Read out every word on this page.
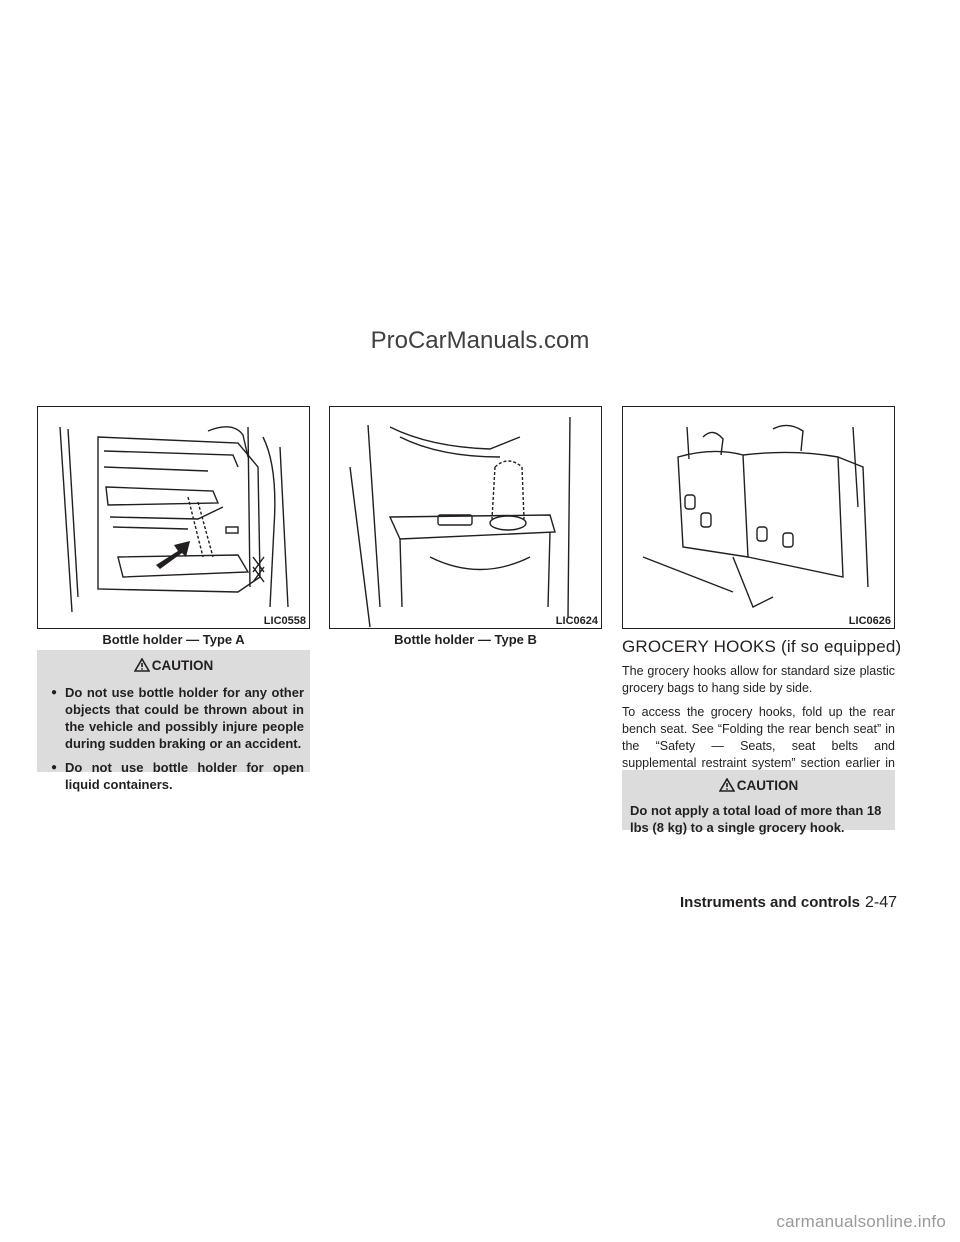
ProCarManuals.com
LIC0558
Bottle holder — Type A
LIC0624
Bottle holder — Type B
LIC0626
CAUTION
● Do not use bottle holder for any other objects that could be thrown about in the vehicle and possibly injure people during sudden braking or an accident.
● Do not use bottle holder for open liquid containers.
GROCERY HOOKS (if so equipped)
The grocery hooks allow for standard size plastic grocery bags to hang side by side.
To access the grocery hooks, fold up the rear bench seat. See “Folding the rear bench seat” in the “Safety — Seats, seat belts and supplemental restraint system” section earlier in
CAUTION
Do not apply a total load of more than 18 lbs (8 kg) to a single grocery hook.
Instruments and controls 2-47
carmanualsonline.info
